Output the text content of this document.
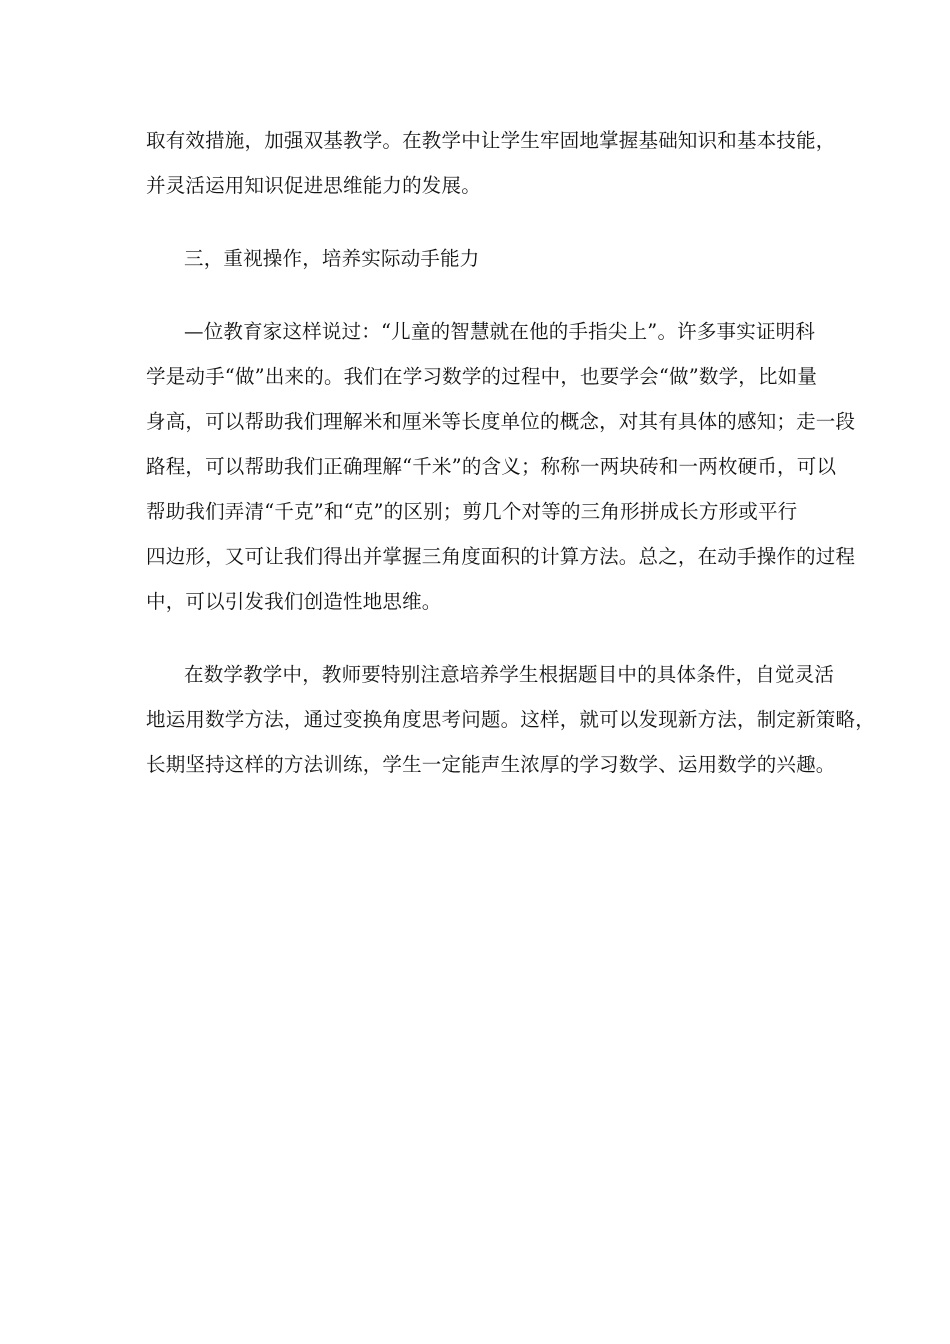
取有效措施，加强双基教学。在教学中让学生牢固地掌握基础知识和基本技能，
并灵活运用知识促进思维能力的发展。
三，重视操作，培养实际动手能力
—位教育家这样说过：“儿童的智慧就在他的手指尖上”。许多事实证明科
学是动手“做”出来的。我们在学习数学的过程中，也要学会“做”数学，比如量
身高，可以帮助我们理解米和厘米等长度单位的概念，对其有具体的感知；走一段
路程，可以帮助我们正确理解“千米”的含义；称称一两块砖和一两枚硬币，可以
帮助我们弄清“千克”和“克”的区别；剪几个对等的三角形拼成长方形或平行
四边形，又可让我们得出并掌握三角度面积的计算方法。总之，在动手操作的过程
中，可以引发我们创造性地思维。
在数学教学中，教师要特别注意培养学生根据题目中的具体条件，自觉灵活
地运用数学方法，通过变换角度思考问题。这样，就可以发现新方法，制定新策略，
长期坚持这样的方法训练，学生一定能声生浓厚的学习数学、运用数学的兴趣。
